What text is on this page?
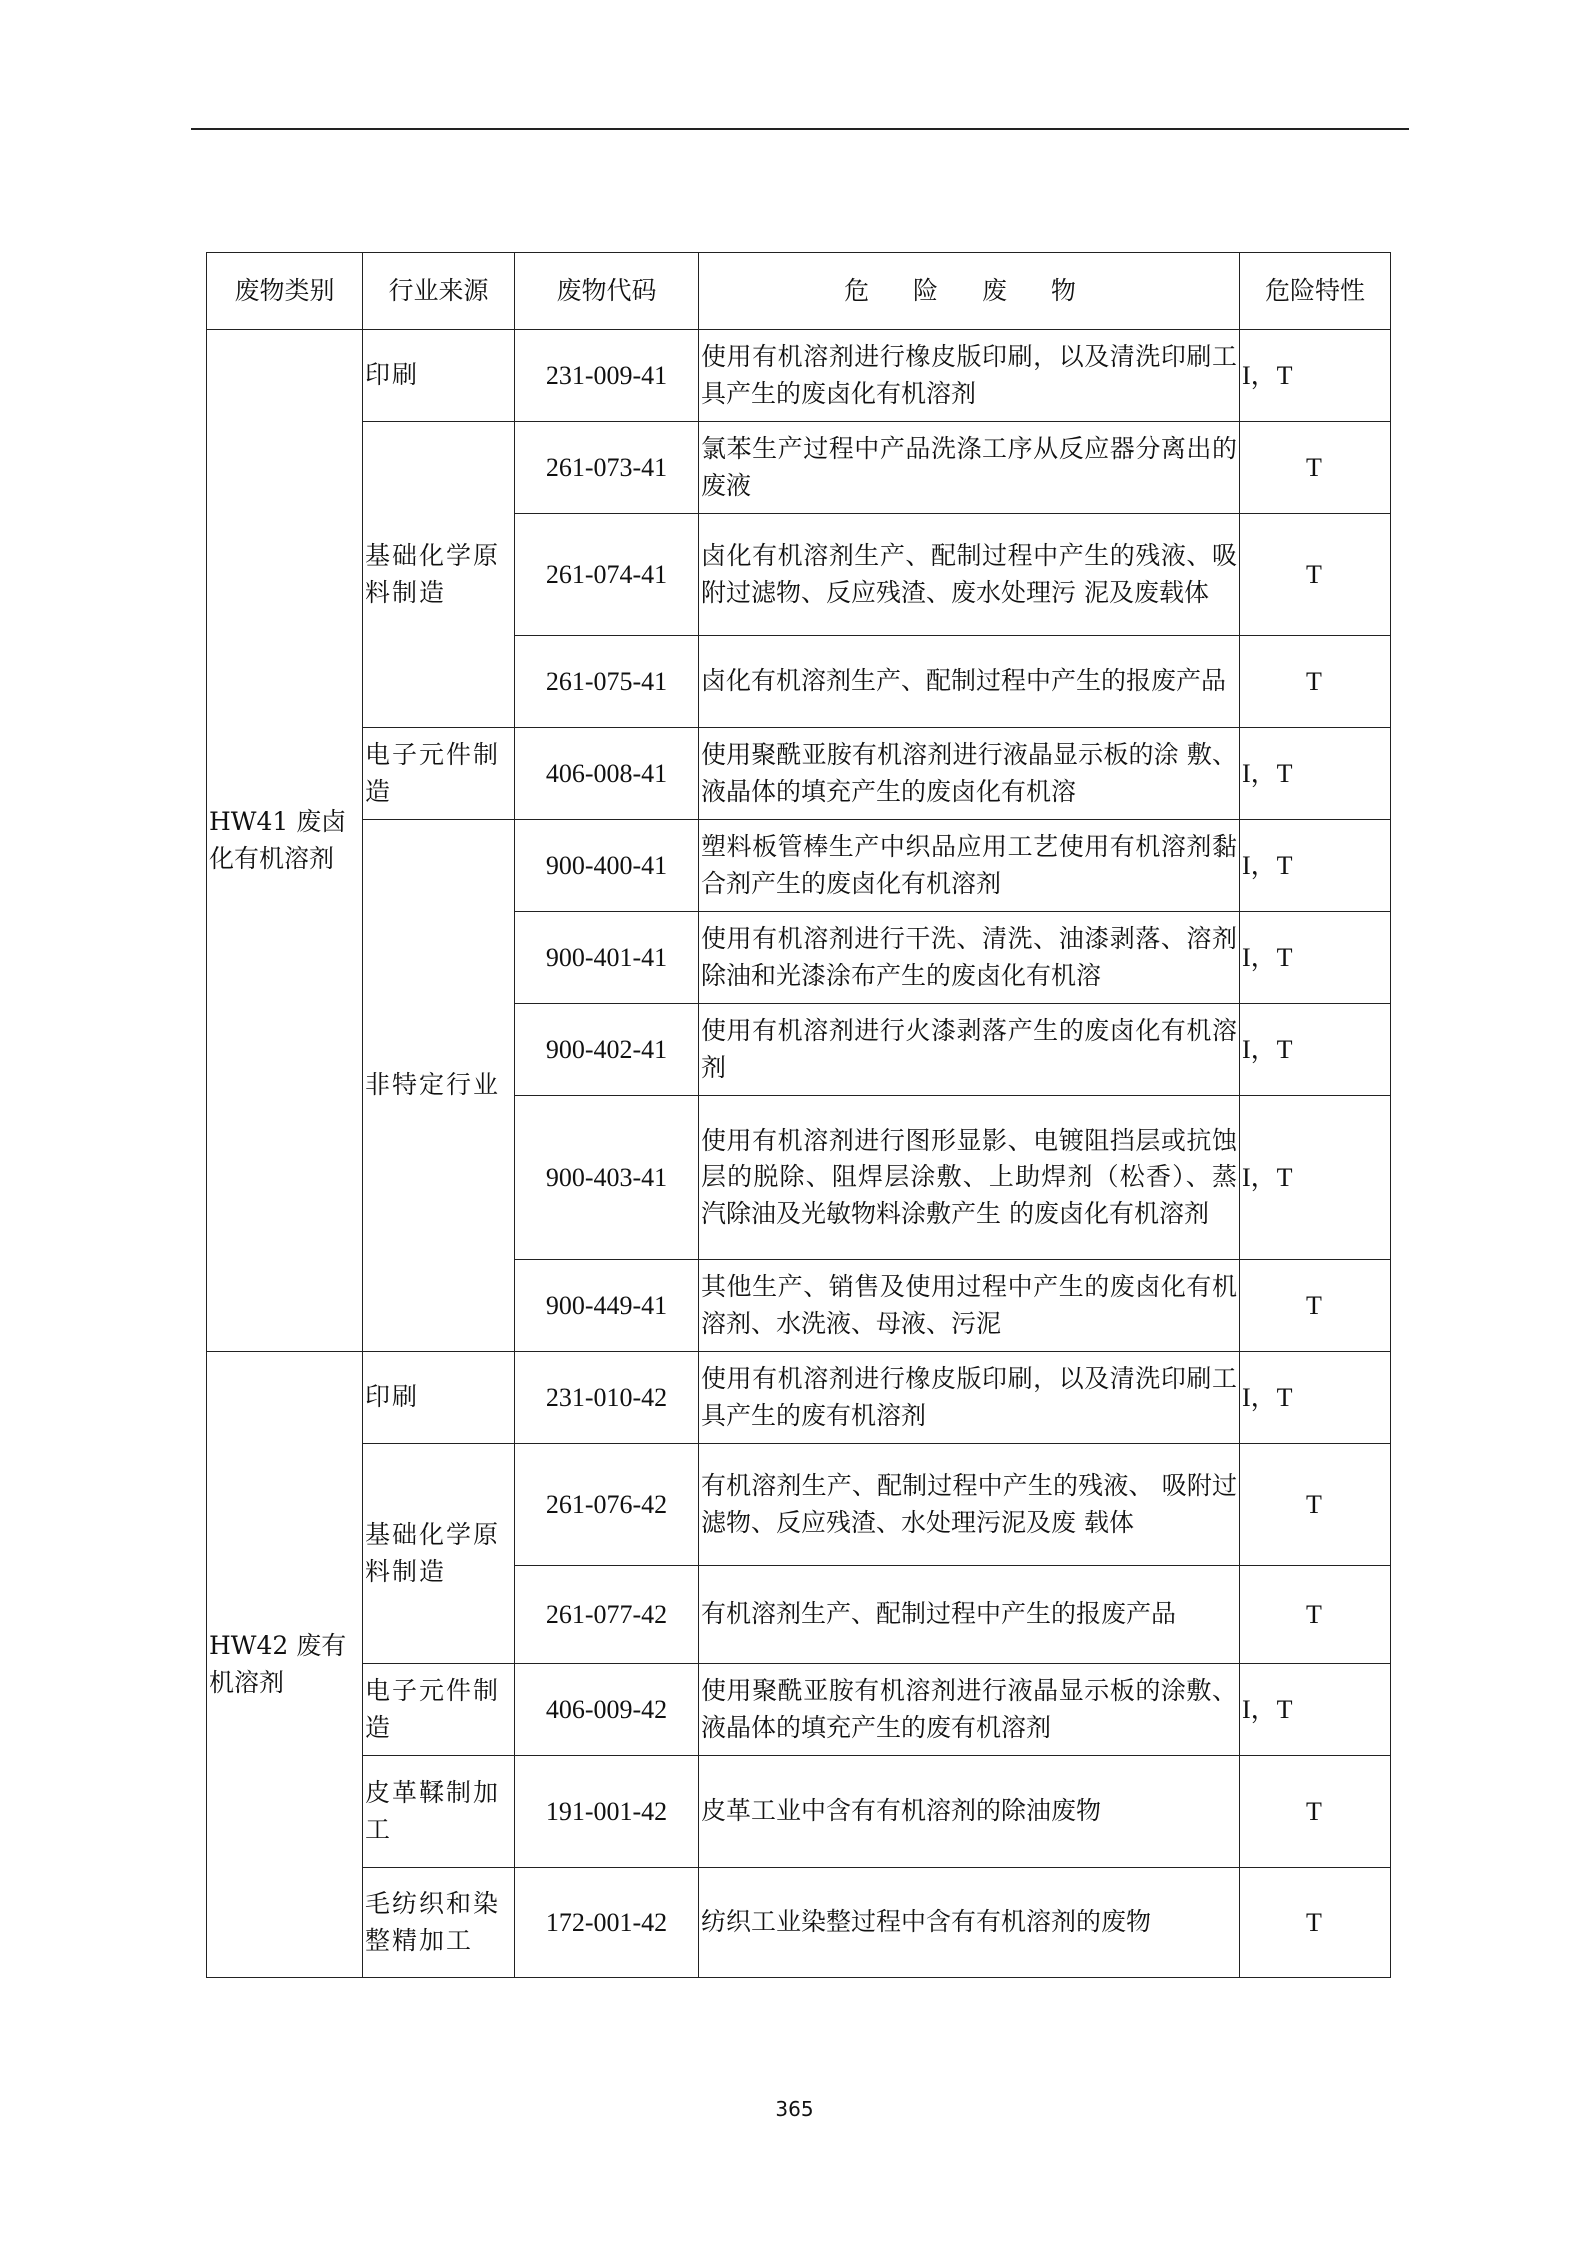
废物类别	行业来源	废物代码	危 险 废 物	危险特性
HW41 废卤化有机溶剂	印刷	231-009-41	使用有机溶剂进行橡皮版印刷，以及清洗印刷工具产生的废卤化有机溶剂	I，T
	基础化学原料制造	261-073-41	氯苯生产过程中产品洗涤工序从反应器分离出的废液	T
		261-074-41	卤化有机溶剂生产、配制过程中产生的残液、吸附过滤物、反应残渣、废水处理污 泥及废载体	T
		261-075-41	卤化有机溶剂生产、配制过程中产生的报废产品	T
	电子元件制造	406-008-41	使用聚酰亚胺有机溶剂进行液晶显示板的涂 敷、液晶体的填充产生的废卤化有机溶	I，T
	非特定行业	900-400-41	塑料板管棒生产中织品应用工艺使用有机溶剂黏合剂产生的废卤化有机溶剂	I，T
		900-401-41	使用有机溶剂进行干洗、清洗、油漆剥落、溶剂除油和光漆涂布产生的废卤化有机溶	I，T
		900-402-41	使用有机溶剂进行火漆剥落产生的废卤化有机溶剂	I，T
		900-403-41	使用有机溶剂进行图形显影、电镀阻挡层或抗蚀层的脱除、阻焊层涂敷、上助焊剂（松香）、蒸汽除油及光敏物料涂敷产生 的废卤化有机溶剂	I，T
		900-449-41	其他生产、销售及使用过程中产生的废卤化有机溶剂、水洗液、母液、污泥	T
HW42 废有机溶剂	印刷	231-010-42	使用有机溶剂进行橡皮版印刷，以及清洗印刷工具产生的废有机溶剂	I，T
	基础化学原料制造	261-076-42	有机溶剂生产、配制过程中产生的残液、 吸附过滤物、反应残渣、水处理污泥及废 载体	T
		261-077-42	有机溶剂生产、配制过程中产生的报废产品	T
	电子元件制造	406-009-42	使用聚酰亚胺有机溶剂进行液晶显示板的涂敷、液晶体的填充产生的废有机溶剂	I，T
	皮革鞣制加工	191-001-42	皮革工业中含有有机溶剂的除油废物	T
	毛纺织和染整精加工	172-001-42	纺织工业染整过程中含有有机溶剂的废物	T
365
